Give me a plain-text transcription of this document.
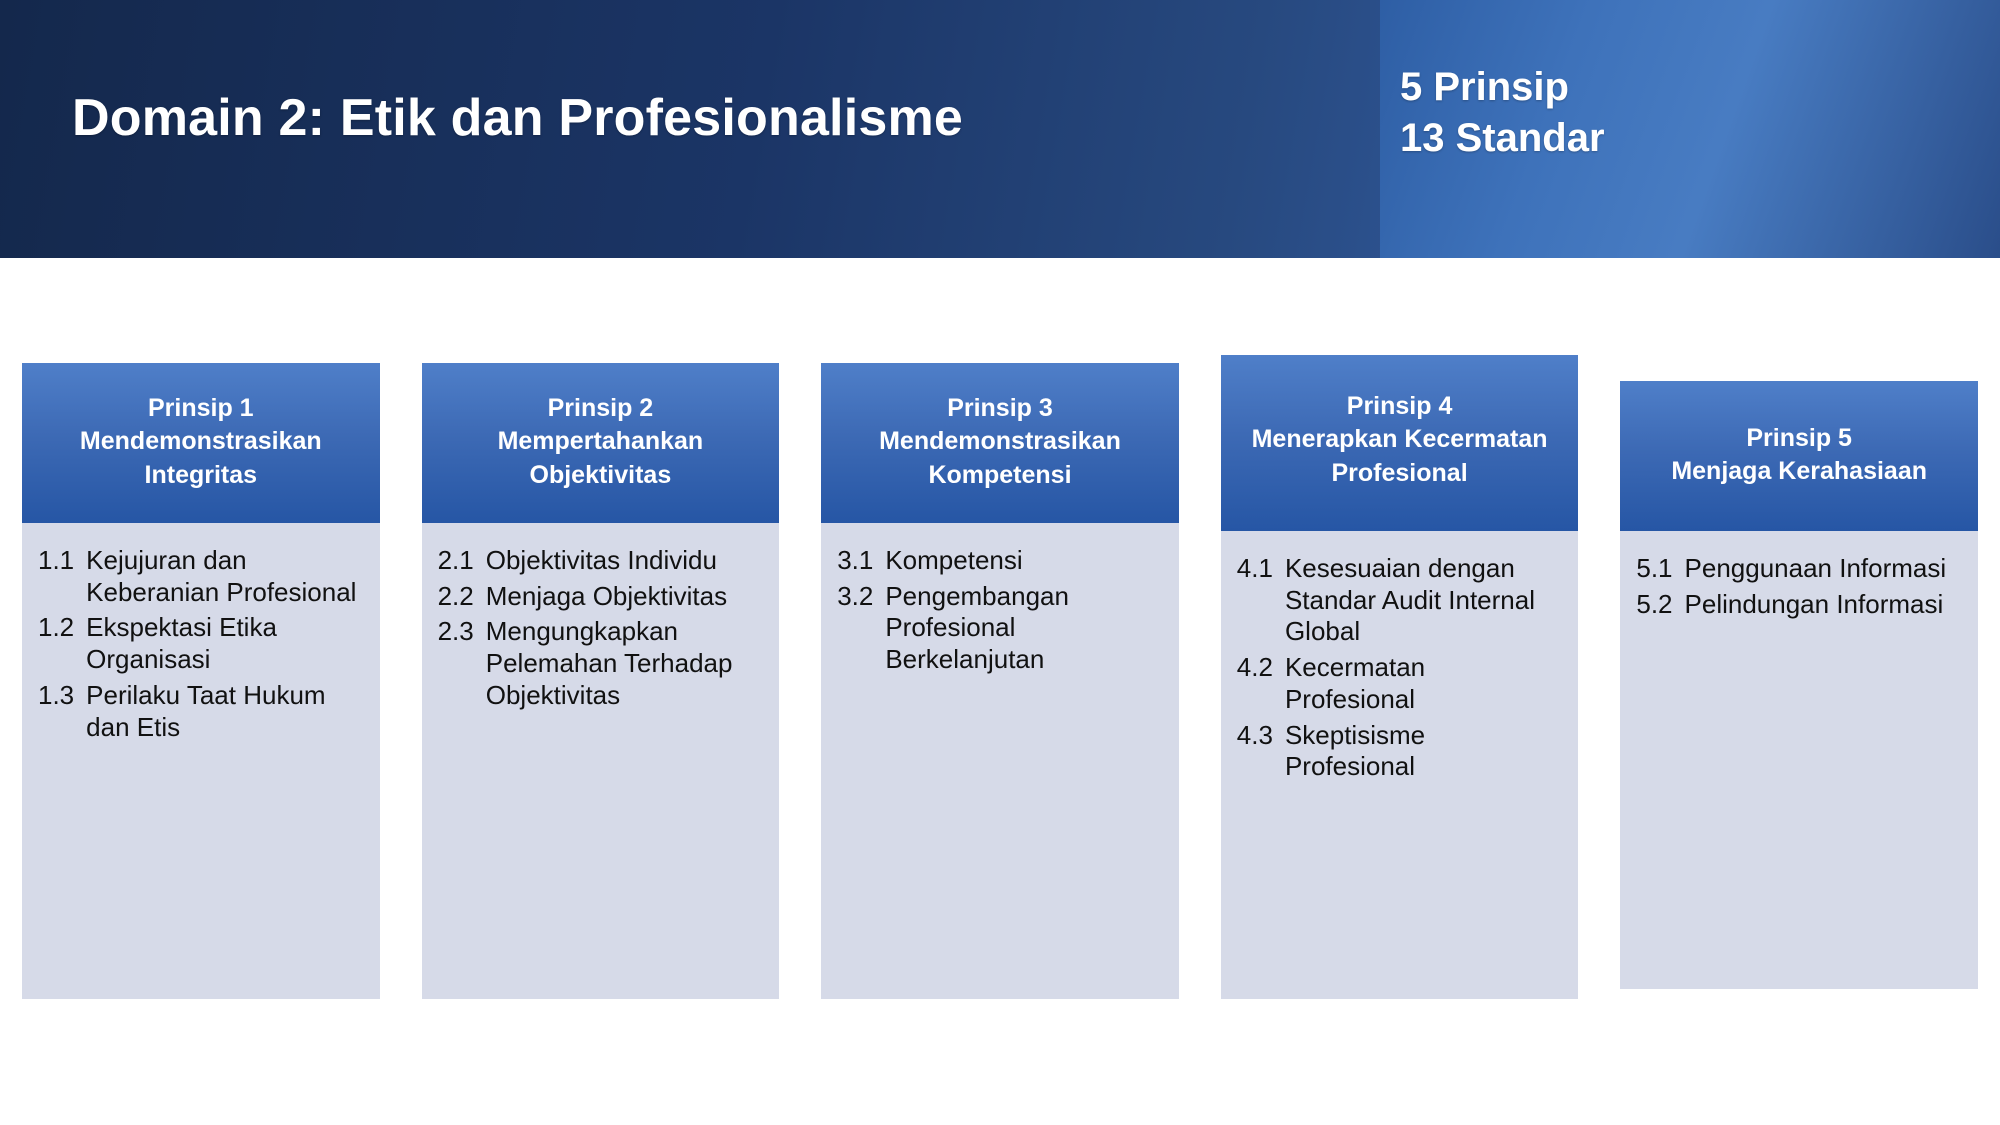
Domain 2: Etik dan Profesionalisme
5 Prinsip
13 Standar
Prinsip 1
Mendemonstrasikan Integritas
1.1 Kejujuran dan Keberanian Profesional
1.2 Ekspektasi Etika Organisasi
1.3 Perilaku Taat Hukum dan Etis
Prinsip 2
Mempertahankan Objektivitas
2.1 Objektivitas Individu
2.2 Menjaga Objektivitas
2.3 Mengungkapkan Pelemahan Terhadap Objektivitas
Prinsip 3
Mendemonstrasikan Kompetensi
3.1 Kompetensi
3.2 Pengembangan Profesional Berkelanjutan
Prinsip 4
Menerapkan Kecermatan Profesional
4.1 Kesesuaian dengan Standar Audit Internal Global
4.2 Kecermatan Profesional
4.3 Skeptisisme Profesional
Prinsip 5
Menjaga Kerahasiaan
5.1 Penggunaan Informasi
5.2 Pelindungan Informasi
